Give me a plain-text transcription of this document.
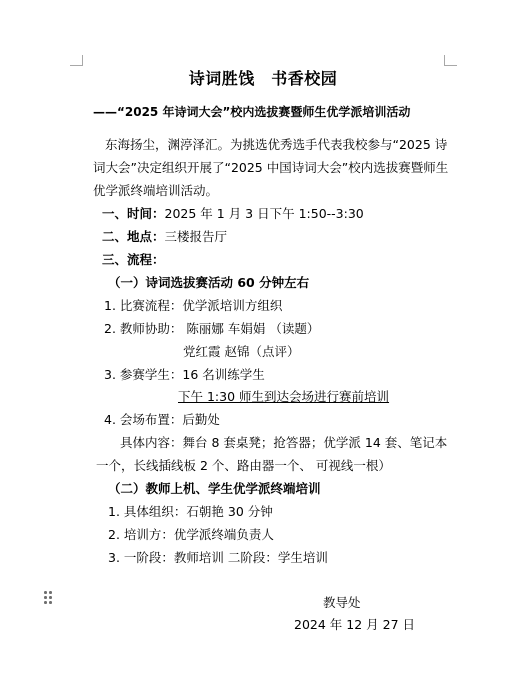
诗词胜饯　书香校园
——“2025 年诗词大会”校内选拔赛暨师生优学派培训活动
东海扬尘，渊渟泽汇。为挑选优秀选手代表我校参与“2025 诗词大会”决定组织开展了“2025 中国诗词大会”校内选拔赛暨师生优学派终端培训活动。
一、时间：2025 年 1 月 3 日下午 1:50--3:30
二、地点：三楼报告厅
三、流程：
（一）诗词选拔赛活动 60 分钟左右
1. 比赛流程：优学派培训方组织
2. 教师协助： 陈丽娜 车娟娟 （读题）
党红霞 赵锦（点评）
3. 参赛学生：16 名训练学生
下午 1:30 师生到达会场进行赛前培训
4. 会场布置：后勤处
具体内容：舞台 8 套桌凳；抢答器；优学派 14 套、笔记本
一个，长线插线板 2 个、路由器一个、 可视线一根）
（二）教师上机、学生优学派终端培训
1. 具体组织：石朝艳 30 分钟
2. 培训方：优学派终端负责人
3. 一阶段：教师培训 二阶段：学生培训
教导处
2024 年 12 月 27 日
